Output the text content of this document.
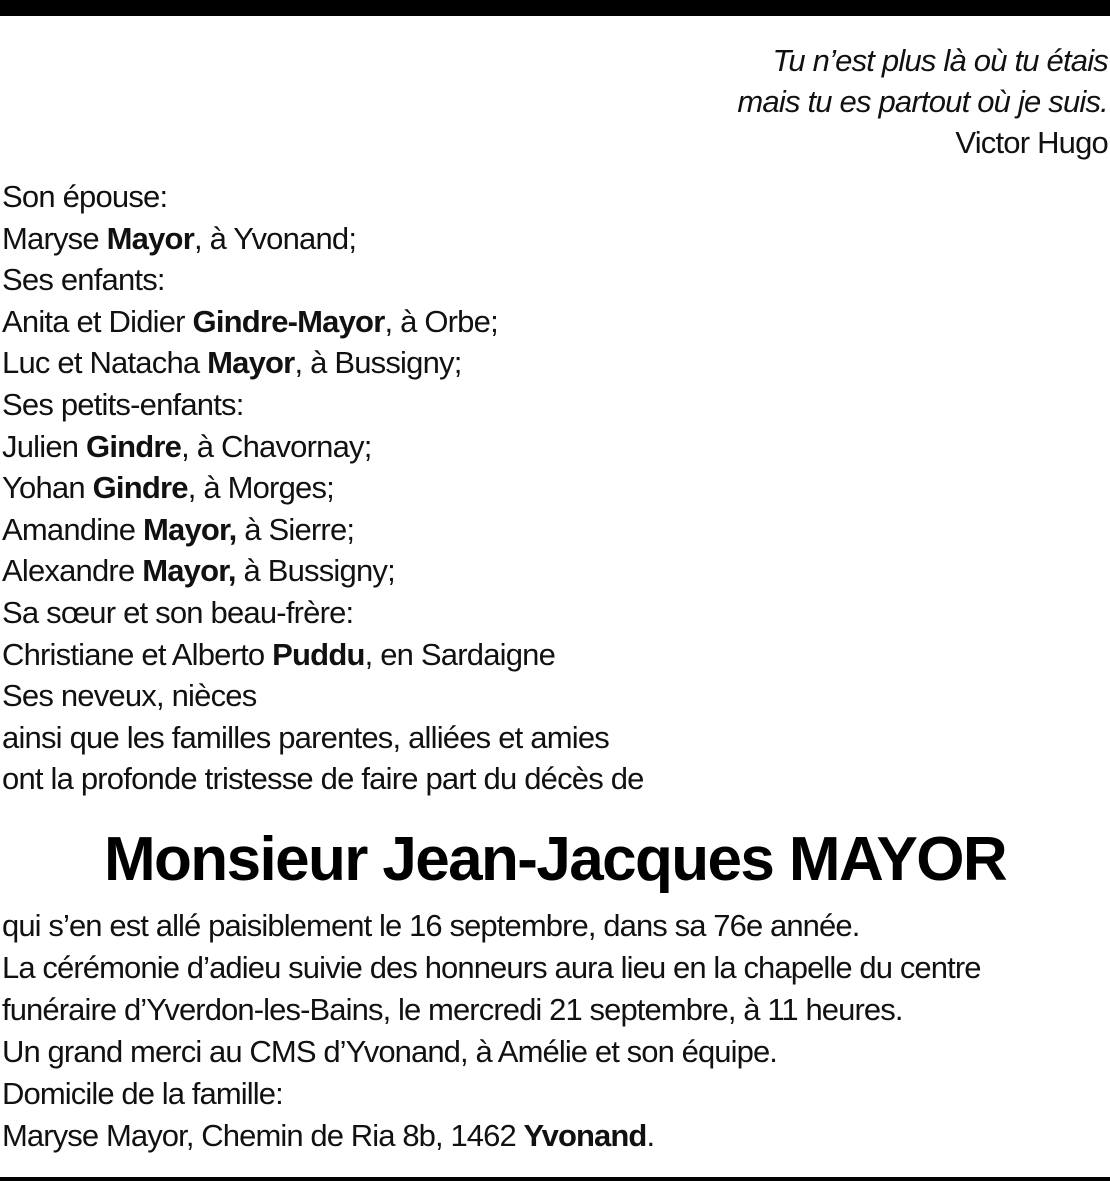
Tu n’est plus là où tu étais
mais tu es partout où je suis.
Victor Hugo
Son épouse:
Maryse Mayor, à Yvonand;
Ses enfants:
Anita et Didier Gindre-Mayor, à Orbe;
Luc et Natacha Mayor, à Bussigny;
Ses petits-enfants:
Julien Gindre, à Chavornay;
Yohan Gindre, à Morges;
Amandine Mayor, à Sierre;
Alexandre Mayor, à Bussigny;
Sa sœur et son beau-frère:
Christiane et Alberto Puddu, en Sardaigne
Ses neveux, nièces
ainsi que les familles parentes, alliées et amies
ont la profonde tristesse de faire part du décès de
Monsieur Jean-Jacques MAYOR
qui s’en est allé paisiblement le 16 septembre, dans sa 76e année.
La cérémonie d’adieu suivie des honneurs aura lieu en la chapelle du centre
funéraire d’Yverdon-les-Bains, le mercredi 21 septembre, à 11 heures.
Un grand merci au CMS d’Yvonand, à Amélie et son équipe.
Domicile de la famille:
Maryse Mayor, Chemin de Ria 8b, 1462 Yvonand.
